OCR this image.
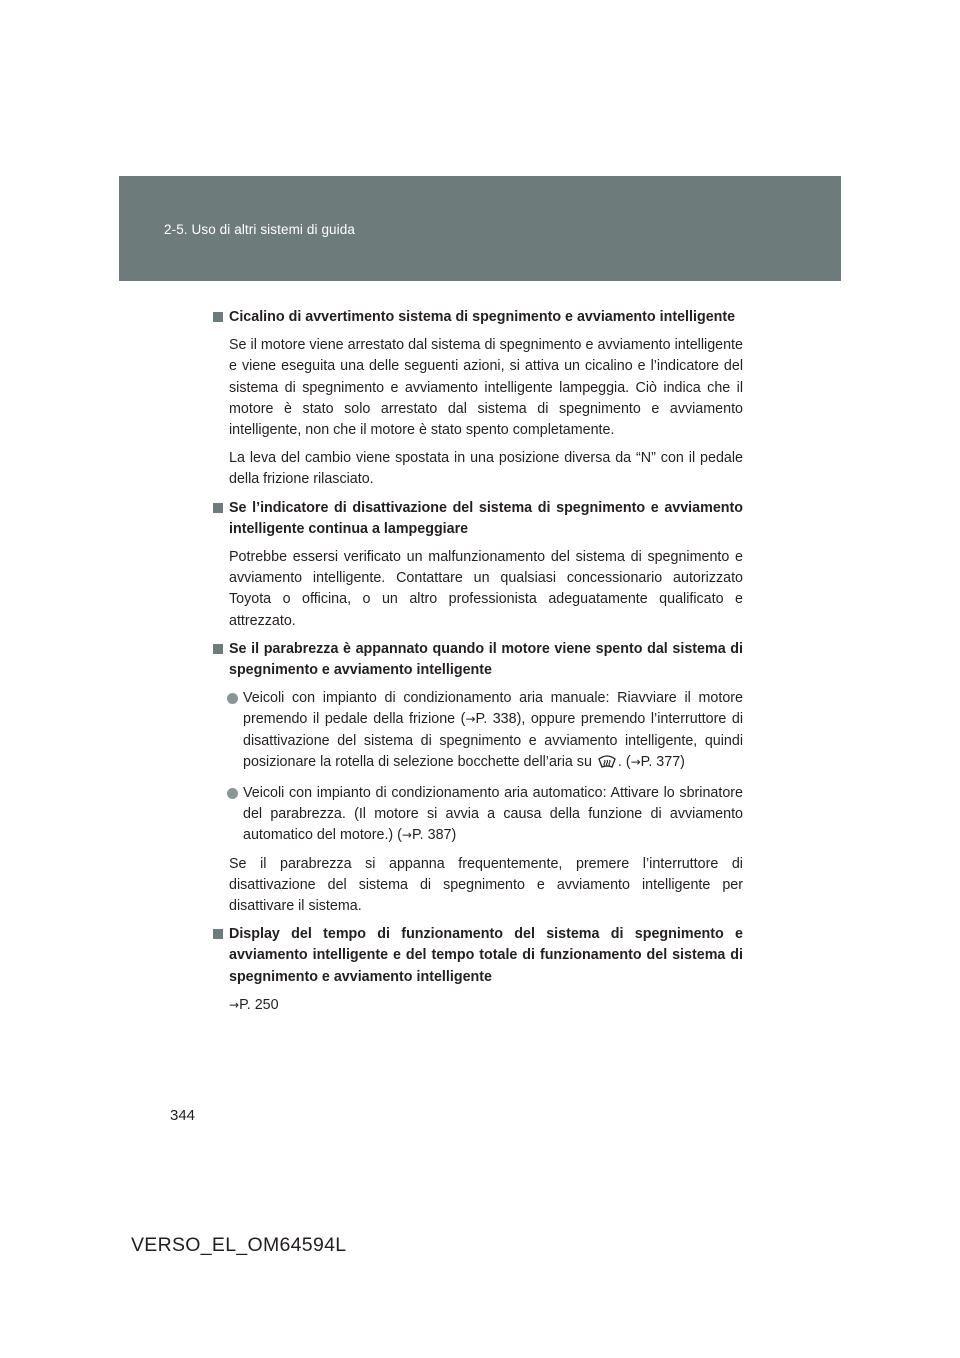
2-5. Uso di altri sistemi di guida
Cicalino di avvertimento sistema di spegnimento e avviamento intelligente
Se il motore viene arrestato dal sistema di spegnimento e avviamento intelligente e viene eseguita una delle seguenti azioni, si attiva un cicalino e l’indicatore del sistema di spegnimento e avviamento intelligente lampeggia. Ciò indica che il motore è stato solo arrestato dal sistema di spegnimento e avviamento intelligente, non che il motore è stato spento completamente.
La leva del cambio viene spostata in una posizione diversa da “N” con il pedale della frizione rilasciato.
Se l’indicatore di disattivazione del sistema di spegnimento e avviamento intelligente continua a lampeggiare
Potrebbe essersi verificato un malfunzionamento del sistema di spegnimento e avviamento intelligente. Contattare un qualsiasi concessionario autorizzato Toyota o officina, o un altro professionista adeguatamente qualificato e attrezzato.
Se il parabrezza è appannato quando il motore viene spento dal sistema di spegnimento e avviamento intelligente
Veicoli con impianto di condizionamento aria manuale: Riavviare il motore premendo il pedale della frizione (→P. 338), oppure premendo l’interruttore di disattivazione del sistema di spegnimento e avviamento intelligente, quindi posizionare la rotella di selezione bocchette dell’aria su . (→P. 377)
Veicoli con impianto di condizionamento aria automatico: Attivare lo sbrinatore del parabrezza. (Il motore si avvia a causa della funzione di avviamento automatico del motore.) (→P. 387)
Se il parabrezza si appanna frequentemente, premere l’interruttore di disattivazione del sistema di spegnimento e avviamento intelligente per disattivare il sistema.
Display del tempo di funzionamento del sistema di spegnimento e avviamento intelligente e del tempo totale di funzionamento del sistema di spegnimento e avviamento intelligente
→P. 250
344
VERSO_EL_OM64594L
